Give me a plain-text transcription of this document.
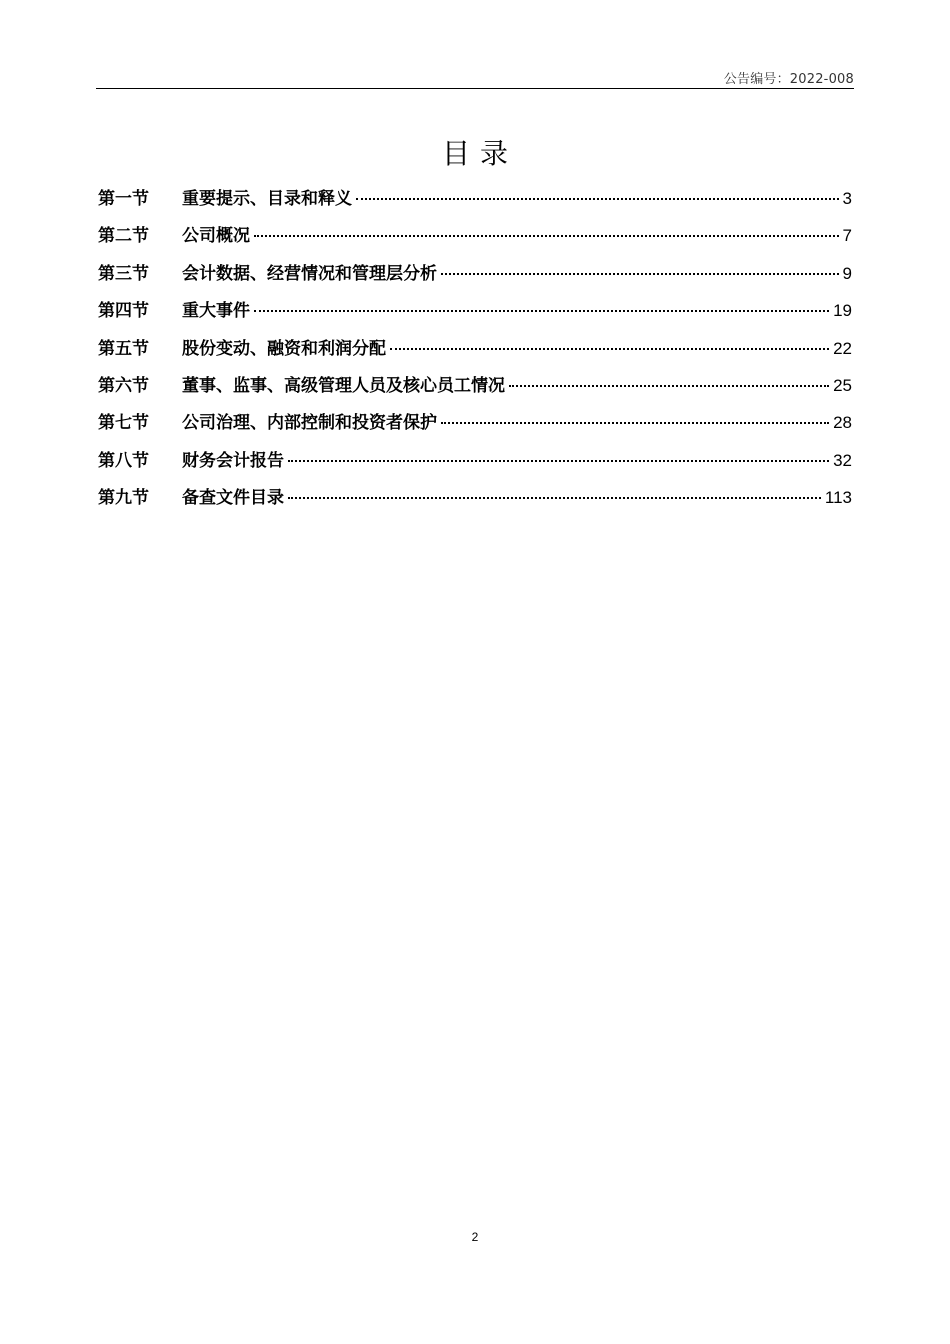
公告编号：2022-008
目录
第一节	重要提示、目录和释义	3
第二节	公司概况	7
第三节	会计数据、经营情况和管理层分析	9
第四节	重大事件	19
第五节	股份变动、融资和利润分配	22
第六节	董事、监事、高级管理人员及核心员工情况	25
第七节	公司治理、内部控制和投资者保护	28
第八节	财务会计报告	32
第九节	备查文件目录	113
2
